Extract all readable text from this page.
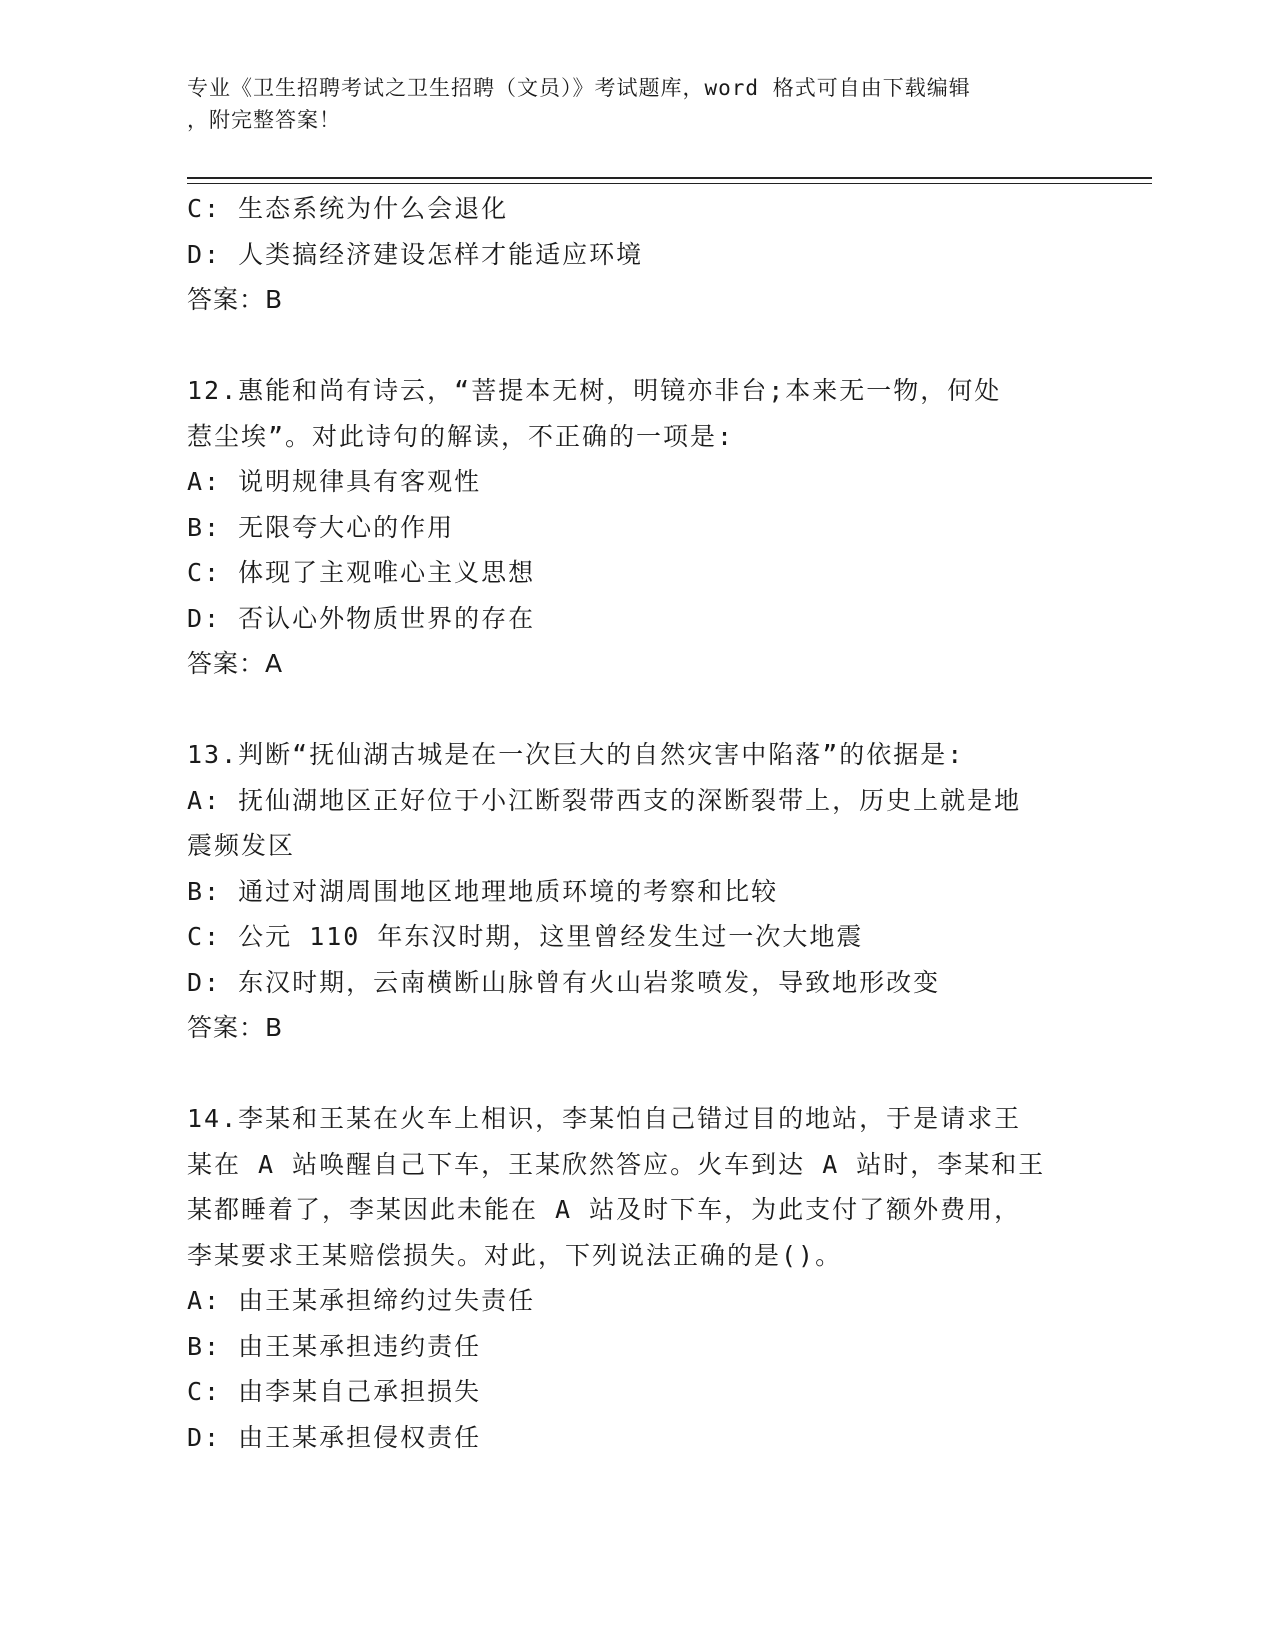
专业《卫生招聘考试之卫生招聘（文员）》考试题库，word 格式可自由下载编辑
，附完整答案！
C: 生态系统为什么会退化
D: 人类搞经济建设怎样才能适应环境
答案：B
12.惠能和尚有诗云，“菩提本无树，明镜亦非台;本来无一物，何处
惹尘埃”。对此诗句的解读，不正确的一项是:
A: 说明规律具有客观性
B: 无限夸大心的作用
C: 体现了主观唯心主义思想
D: 否认心外物质世界的存在
答案：A
13.判断“抚仙湖古城是在一次巨大的自然灾害中陷落”的依据是:
A: 抚仙湖地区正好位于小江断裂带西支的深断裂带上，历史上就是地
震频发区
B: 通过对湖周围地区地理地质环境的考察和比较
C: 公元 110 年东汉时期，这里曾经发生过一次大地震
D: 东汉时期，云南横断山脉曾有火山岩浆喷发，导致地形改变
答案：B
14.李某和王某在火车上相识，李某怕自己错过目的地站，于是请求王
某在 A 站唤醒自己下车，王某欣然答应。火车到达 A 站时，李某和王
某都睡着了，李某因此未能在 A 站及时下车，为此支付了额外费用，
李某要求王某赔偿损失。对此，下列说法正确的是()。
A: 由王某承担缔约过失责任
B: 由王某承担违约责任
C: 由李某自己承担损失
D: 由王某承担侵权责任
